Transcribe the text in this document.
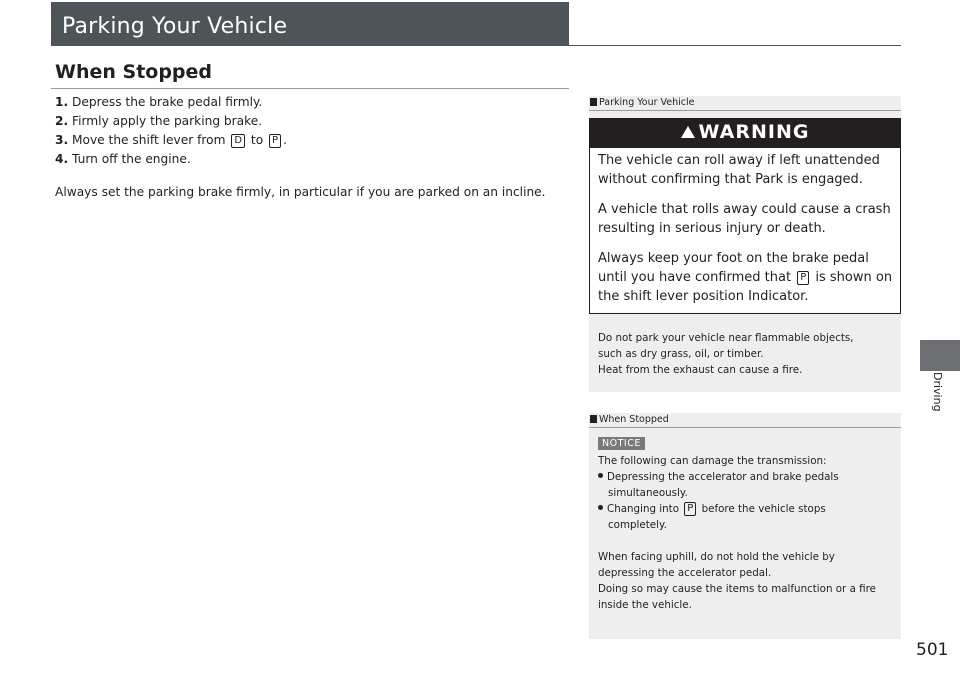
Parking Your Vehicle
When Stopped
1. Depress the brake pedal firmly.
2. Firmly apply the parking brake.
3. Move the shift lever from D to P .
4. Turn off the engine.
Always set the parking brake firmly, in particular if you are parked on an incline.
Parking Your Vehicle
WARNING
The vehicle can roll away if left unattended without confirming that Park is engaged.
A vehicle that rolls away could cause a crash resulting in serious injury or death.
Always keep your foot on the brake pedal until you have confirmed that P is shown on the shift lever position Indicator.
Do not park your vehicle near flammable objects,
such as dry grass, oil, or timber.
Heat from the exhaust can cause a fire.
When Stopped
NOTICE
The following can damage the transmission:
Depressing the accelerator and brake pedals
simultaneously.
Changing into P before the vehicle stops
completely.
When facing uphill, do not hold the vehicle by
depressing the accelerator pedal.
Doing so may cause the items to malfunction or a fire
inside the vehicle.
Driving
501
